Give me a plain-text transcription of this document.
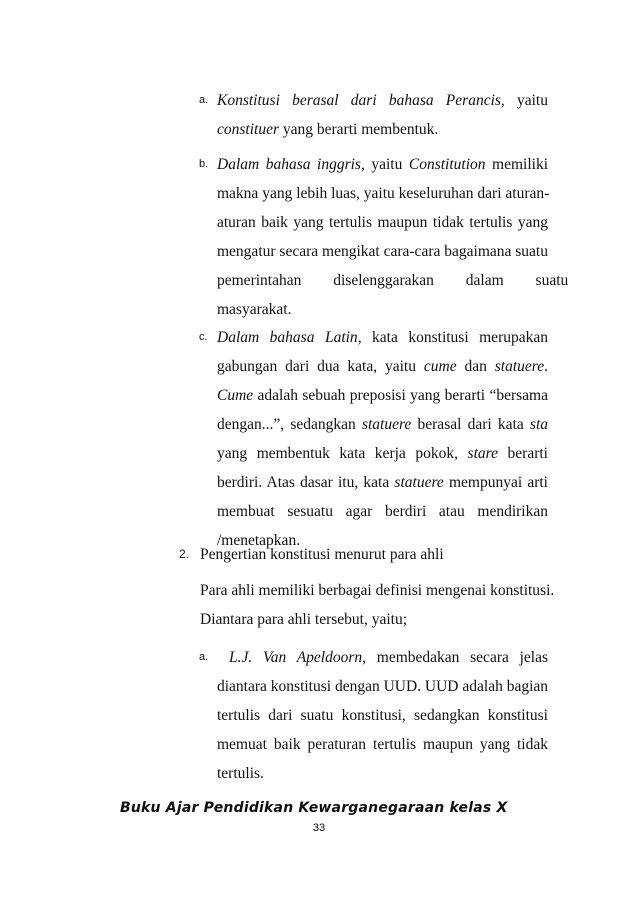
a. Konstitusi berasal dari bahasa Perancis, yaitu
constituer yang berarti membentuk.
b. Dalam bahasa inggris, yaitu Constitution memiliki
makna yang lebih luas, yaitu keseluruhan dari aturan-
aturan baik yang tertulis maupun tidak tertulis yang
mengatur secara mengikat cara-cara bagaimana suatu
pemerintahan diselenggarakan dalam suatu
masyarakat.
c. Dalam bahasa Latin, kata konstitusi merupakan
gabungan dari dua kata, yaitu cume dan statuere.
Cume adalah sebuah preposisi yang berarti “bersama
dengan...”, sedangkan statuere berasal dari kata sta
yang membentuk kata kerja pokok, stare berarti
berdiri. Atas dasar itu, kata statuere mempunyai arti
membuat sesuatu agar berdiri atau mendirikan
/menetapkan.
2. Pengertian konstitusi menurut para ahli
Para ahli memiliki berbagai definisi mengenai konstitusi.
Diantara para ahli tersebut, yaitu;
a.	L.J. Van Apeldoorn, membedakan secara jelas
diantara konstitusi dengan UUD. UUD adalah bagian
tertulis dari suatu konstitusi, sedangkan konstitusi
memuat baik peraturan tertulis maupun yang tidak
tertulis.
Buku Ajar Pendidikan Kewarganegaraan kelas X
33
